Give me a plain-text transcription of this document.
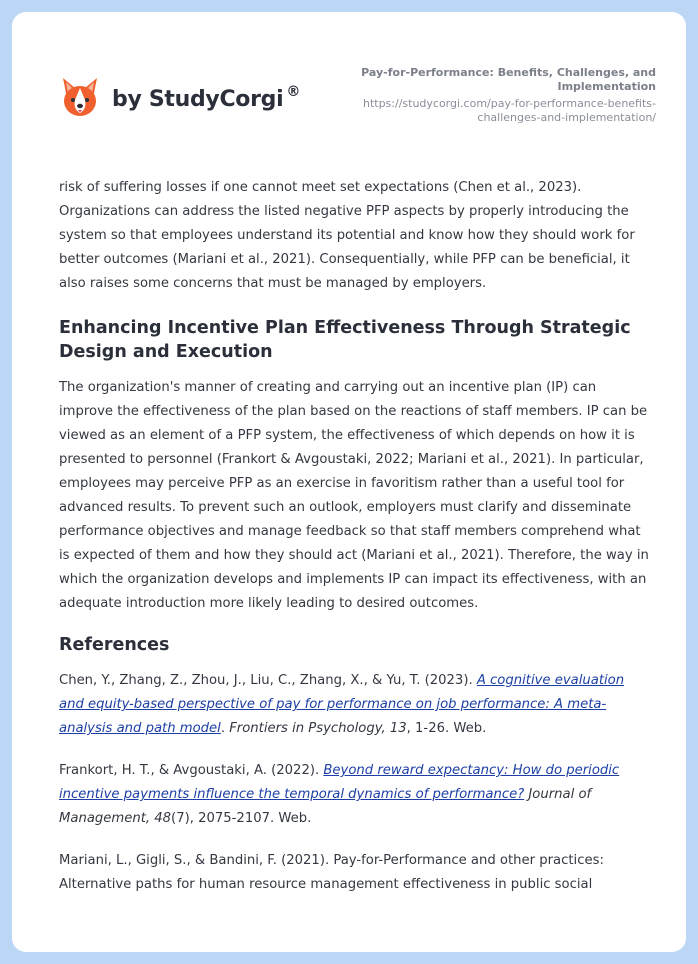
by StudyCorgi ®
Pay-for-Performance: Benefits, Challenges, and Implementation
https://studycorgi.com/pay-for-performance-benefits-challenges-and-implementation/

risk of suffering losses if one cannot meet set expectations (Chen et al., 2023). Organizations can address the listed negative PFP aspects by properly introducing the system so that employees understand its potential and know how they should work for better outcomes (Mariani et al., 2021). Consequentially, while PFP can be beneficial, it also raises some concerns that must be managed by employers.

Enhancing Incentive Plan Effectiveness Through Strategic Design and Execution

The organization's manner of creating and carrying out an incentive plan (IP) can improve the effectiveness of the plan based on the reactions of staff members. IP can be viewed as an element of a PFP system, the effectiveness of which depends on how it is presented to personnel (Frankort & Avgoustaki, 2022; Mariani et al., 2021). In particular, employees may perceive PFP as an exercise in favoritism rather than a useful tool for advanced results. To prevent such an outlook, employers must clarify and disseminate performance objectives and manage feedback so that staff members comprehend what is expected of them and how they should act (Mariani et al., 2021). Therefore, the way in which the organization develops and implements IP can impact its effectiveness, with an adequate introduction more likely leading to desired outcomes.

References

Chen, Y., Zhang, Z., Zhou, J., Liu, C., Zhang, X., & Yu, T. (2023). A cognitive evaluation and equity-based perspective of pay for performance on job performance: A meta-analysis and path model. Frontiers in Psychology, 13, 1-26. Web.

Frankort, H. T., & Avgoustaki, A. (2022). Beyond reward expectancy: How do periodic incentive payments influence the temporal dynamics of performance? Journal of Management, 48(7), 2075-2107. Web.

Mariani, L., Gigli, S., & Bandini, F. (2021). Pay-for-Performance and other practices: Alternative paths for human resource management effectiveness in public social
